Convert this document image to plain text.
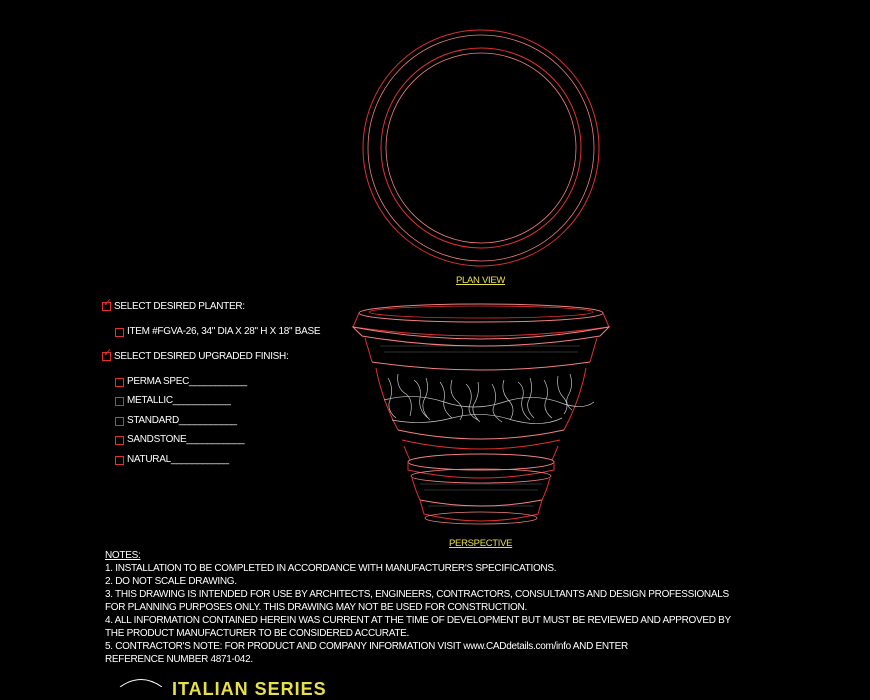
PLAN VIEW
PERSPECTIVE
✓ SELECT DESIRED PLANTER:
ITEM #FGVA-26, 34" DIA X 28" H X 18" BASE
✓ SELECT DESIRED UPGRADED FINISH:
PERMA SPEC___________
METALLIC___________
STANDARD___________
SANDSTONE___________
NATURAL___________
NOTES:
1. INSTALLATION TO BE COMPLETED IN ACCORDANCE WITH MANUFACTURER'S SPECIFICATIONS.
2. DO NOT SCALE DRAWING.
3. THIS DRAWING IS INTENDED FOR USE BY ARCHITECTS, ENGINEERS, CONTRACTORS, CONSULTANTS AND DESIGN PROFESSIONALS
FOR PLANNING PURPOSES ONLY. THIS DRAWING MAY NOT BE USED FOR CONSTRUCTION.
4. ALL INFORMATION CONTAINED HEREIN WAS CURRENT AT THE TIME OF DEVELOPMENT BUT MUST BE REVIEWED AND APPROVED BY
THE PRODUCT MANUFACTURER TO BE CONSIDERED ACCURATE.
5. CONTRACTOR'S NOTE: FOR PRODUCT AND COMPANY INFORMATION VISIT www.CADdetails.com/info AND ENTER
REFERENCE NUMBER 4871-042.
ITALIAN SERIES
